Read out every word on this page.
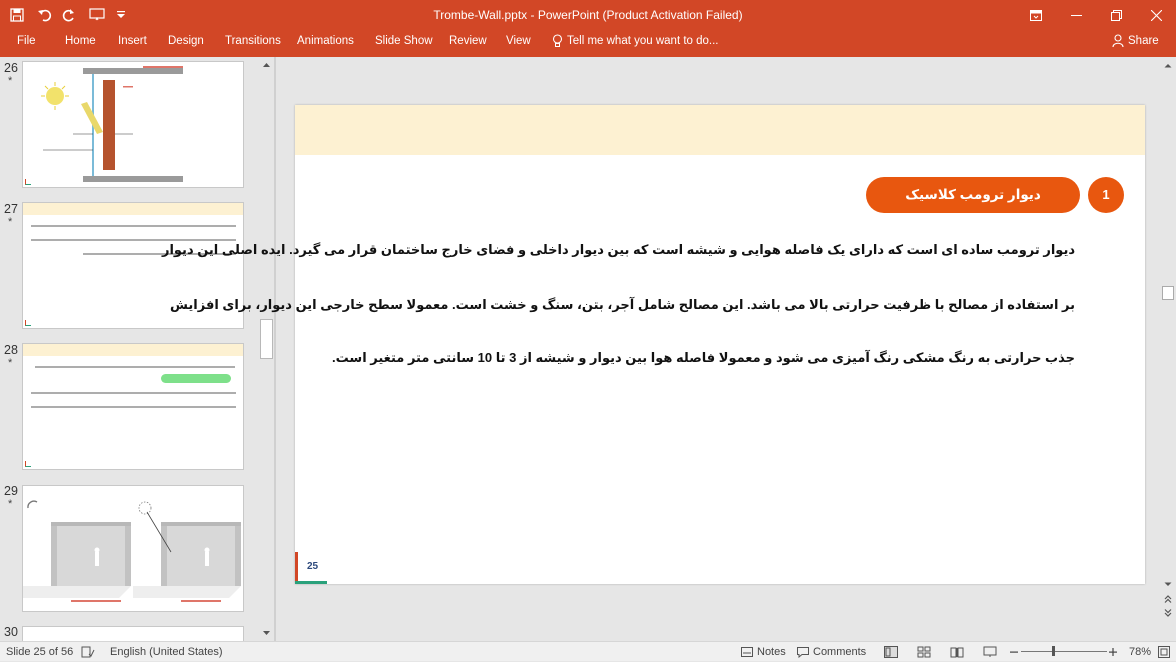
Trombe-Wall.pptx - PowerPoint (Product Activation Failed)
File	Home Insert Design Transitions Animations Slide Show Review View	Tell me what you want to do...	Share
26
*
27
*
28
*
29
*
30
دیوار ترومب کلاسیک	1
دیوار ترومب ساده ای است که دارای یک فاصله هوایی و شیشه است که بین دیوار داخلی و فضای خارج ساختمان قرار می گیرد. ایده اصلی این دیوار
بر استفاده از مصالح با ظرفیت حرارتی بالا می باشد. این مصالح شامل آجر، بتن، سنگ و خشت است. معمولا سطح خارجی این دیوار، برای افزایش
جذب حرارتی به رنگ مشکی رنگ آمیزی می شود و معمولا فاصله هوا بین دیوار و شیشه از 3 تا 10 سانتی متر متغیر است.
25
Slide 25 of 56	English (United States)	Notes Comments	78%
